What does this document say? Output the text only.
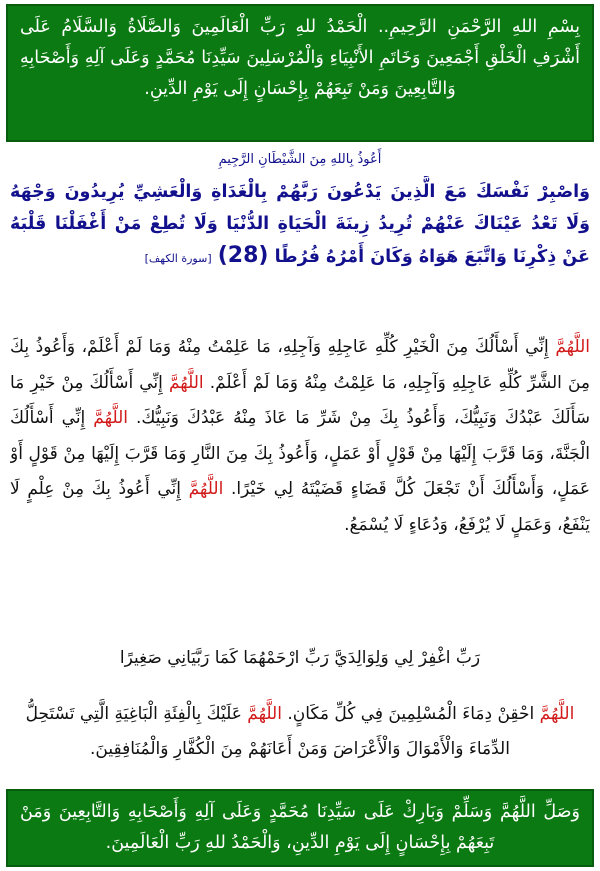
بِسْمِ اللهِ الرَّحْمَنِ الرَّحِيمِ.. الْحَمْدُ للهِ رَبِّ الْعَالَمِينَ وَالصَّلَاةُ وَالسَّلَامُ عَلَى أَشْرَفِ الْخَلْقِ أَجْمَعِينَ وَخَاتَمِ الأَنْبِيَاءِ وَالْمُرْسَلِينَ سَيِّدِنَا مُحَمَّدٍ وَعَلَى آلِهِ وَأَصْحَابِهِ وَالتَّابِعِينَ وَمَنْ تَبِعَهُمْ بِإِحْسَانٍ إِلَى يَوْمِ الدِّينِ.
أَعُوذُ بِاللهِ مِنَ الشَّيْطَانِ الرَّجِيمِ
وَاصْبِرْ نَفْسَكَ مَعَ الَّذِينَ يَدْعُونَ رَبَّهُمْ بِالْغَدَاةِ وَالْعَشِيِّ يُرِيدُونَ وَجْهَهُ وَلَا تَعْدُ عَيْنَاكَ عَنْهُمْ تُرِيدُ زِينَةَ الْحَيَاةِ الدُّنْيَا وَلَا تُطِعْ مَنْ أَغْفَلْنَا قَلْبَهُ عَنْ ذِكْرِنَا وَاتَّبَعَ هَوَاهُ وَكَانَ أَمْرُهُ فُرُطًا (28) [سورة الكهف]
اللَّهُمَّ إِنِّي أَسْأَلُكَ مِنَ الْخَيْرِ كُلِّهِ عَاجِلِهِ وَآجِلِهِ، مَا عَلِمْتُ مِنْهُ وَمَا لَمْ أَعْلَمْ، وَأَعُوذُ بِكَ مِنَ الشَّرِّ كُلِّهِ عَاجِلِهِ وَآجِلِهِ، مَا عَلِمْتُ مِنْهُ وَمَا لَمْ أَعْلَمْ. اللَّهُمَّ إِنِّي أَسْأَلُكَ مِنْ خَيْرِ مَا سَأَلَكَ عَبْدُكَ وَنَبِيُّكَ، وَأَعُوذُ بِكَ مِنْ شَرِّ مَا عَاذَ مِنْهُ عَبْدُكَ وَنَبِيُّكَ. اللَّهُمَّ إِنِّي أَسْأَلُكَ الْجَنَّةَ، وَمَا قَرَّبَ إِلَيْهَا مِنْ قَوْلٍ أَوْ عَمَلٍ، وَأَعُوذُ بِكَ مِنَ النَّارِ وَمَا قَرَّبَ إِلَيْهَا مِنْ قَوْلٍ أَوْ عَمَلٍ، وَأَسْأَلُكَ أَنْ تَجْعَلَ كُلَّ قَضَاءٍ قَضَيْتَهُ لِي خَيْرًا. اللَّهُمَّ إِنِّي أَعُوذُ بِكَ مِنْ عِلْمٍ لَا يَنْفَعُ، وَعَمَلٍ لَا يُرْفَعُ، وَدُعَاءٍ لَا يُسْمَعُ.
رَبِّ اغْفِرْ لِي وَلِوَالِدَيَّ رَبِّ ارْحَمْهُمَا كَمَا رَبَّيَانِي صَغِيرًا
اللَّهُمَّ احْقِنْ دِمَاءَ الْمُسْلِمِينَ فِي كُلِّ مَكَانٍ. اللَّهُمَّ عَلَيْكَ بِالْفِئَةِ الْبَاغِيَةِ الَّتِي تَسْتَحِلُّ الدِّمَاءَ وَالْأَمْوَالَ وَالْأَعْرَاضَ وَمَنْ أَعَانَهُمْ مِنَ الْكُفَّارِ وَالْمُنَافِقِينَ.
وَصَلِّ اللَّهُمَّ وَسَلِّمْ وَبَارِكْ عَلَى سَيِّدِنَا مُحَمَّدٍ وَعَلَى آلِهِ وَأَصْحَابِهِ وَالتَّابِعِينَ وَمَنْ تَبِعَهُمْ بِإِحْسَانٍ إِلَى يَوْمِ الدِّينِ، وَالْحَمْدُ للهِ رَبِّ الْعَالَمِينَ.
